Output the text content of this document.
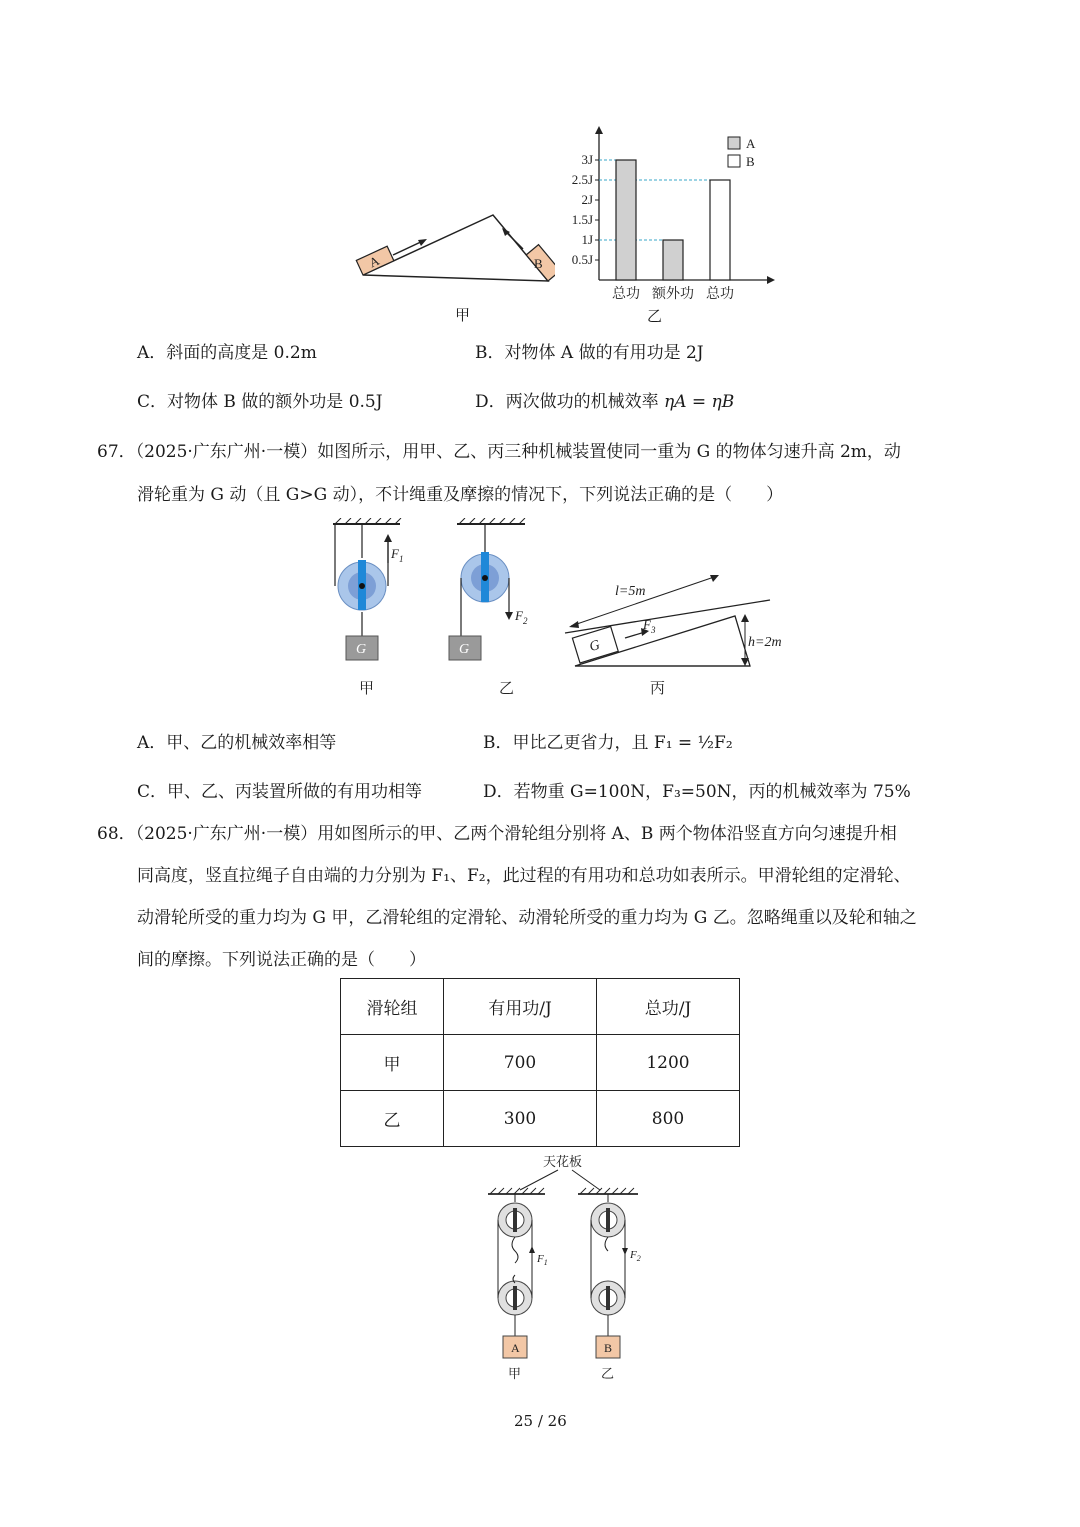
A	B
甲
0.5J
1J
1.5J
2J
2.5J
3J
总功 额外功 总功
A
B
乙
A．斜面的高度是 0.2m	B．对物体 A 做的有用功是 2J
C．对物体 B 做的额外功是 0.5J	D．两次做功的机械效率 ηA = ηB
67．（2025·广东广州·一模）如图所示，用甲、乙、丙三种机械装置使同一重为 G 的物体匀速升高 2m，动
滑轮重为 G 动（且 G>G 动），不计绳重及摩擦的情况下，下列说法正确的是（　　）
$F_1$
G
甲
$F_2$
G
乙
l=5m
G
$F_3$
h=2m
丙
A．甲、乙的机械效率相等	B．甲比乙更省力，且 F₁ = ½F₂
C．甲、乙、丙装置所做的有用功相等	D．若物重 G=100N，F₃=50N，丙的机械效率为 75%
68．（2025·广东广州·一模）用如图所示的甲、乙两个滑轮组分别将 A、B 两个物体沿竖直方向匀速提升相
同高度，竖直拉绳子自由端的力分别为 F₁、F₂，此过程的有用功和总功如表所示。甲滑轮组的定滑轮、
动滑轮所受的重力均为 G 甲，乙滑轮组的定滑轮、动滑轮所受的重力均为 G 乙。忽略绳重以及轮和轴之
间的摩擦。下列说法正确的是（　　）
滑轮组	有用功/J	总功/J
甲	700	1200
乙	300	800
天花板
$F_1$
A
甲
$F_2$
B
乙
25 / 26
